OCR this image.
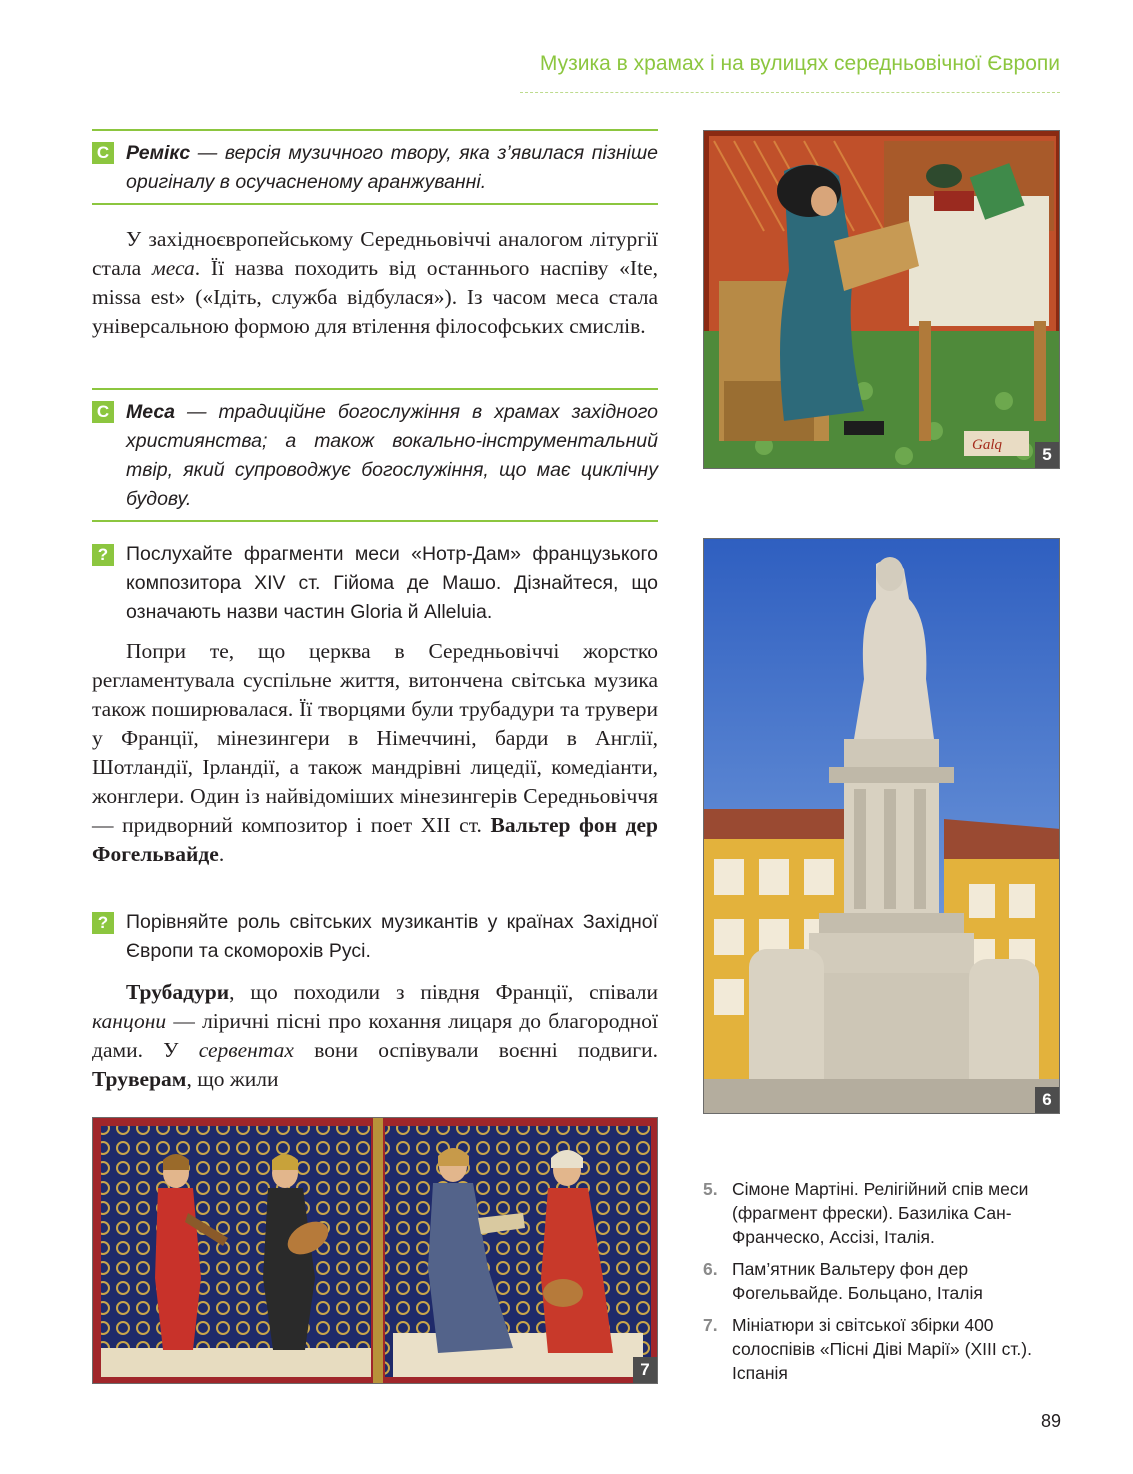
Музика в храмах і на вулицях середньовічної Європи
С Ремікс — версія музичного твору, яка з’явилася пізніше оригіналу в осучасненому аранжуванні.

У західноєвропейському Середньовіччі аналогом літургії стала меса. Її назва походить від останнього наспіву «Ite, missa est» («Ідіть, служба відбулася»). Із часом меса стала універсальною формою для втілення філософських смислів.

С Меса — традиційне богослужіння в храмах західного християнства; а також вокально-інструментальний твір, який супроводжує богослужіння, що має циклічну будову.
? Послухайте фрагменти меси «Нотр-Дам» французького композитора XIV ст. Гійома де Машо. Дізнайтеся, що означають назви частин Gloria й Alleluia.

Попри те, що церква в Середньовіччі жорстко регламентувала суспільне життя, витончена світська музика також поширювалася. Її творцями були трубадури та трувери у Франції, мінезингери в Німеччині, барди в Англії, Шотландії, Ірландії, а також мандрівні лицедії, комедіанти, жонглери. Один із найвідоміших мінезингерів Середньовіччя — придворний композитор і поет XII ст. Вальтер фон дер Фогельвайде.

? Порівняйте роль світських музикантів у країнах Західної Європи та скоморохів Русі.

Трубадури, що походили з півдня Франції, співали канцони — ліричні пісні про кохання лицаря до благородної дами. У сервентах вони оспівували воєнні подвиги. Труверам, що жили

Galq	5
6
7
5. Сімоне Мартіні. Релігійний спів меси (фрагмент фрески). Базиліка Сан-Франческо, Ассізі, Італія.
6. Пам’ятник Вальтеру фон дер Фогельвайде. Больцано, Італія
7. Мініатюри зі світської збірки 400 солоспівів «Пісні Діві Марії» (XIII ст.). Іспанія
89
